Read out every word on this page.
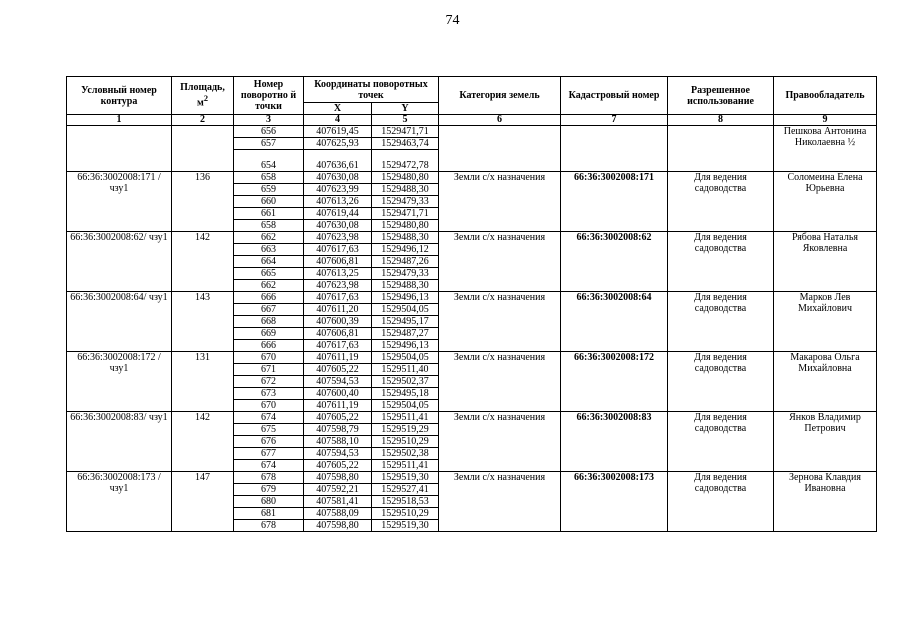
74
Условный номер контура	Площадь, $м^2$	Номер поворотно й точки	Координаты поворотных точек		Категория земель	Кадастровый номер	Разрешенное использование	Правообладатель
			X	Y				
1	2	3	4	5	6	7	8	9
		656	407619,45	1529471,71				Пешкова Антонина Николаевна ½
		657	407625,93	1529463,74				
		654	407636,61	1529472,78				
66:36:3002008:171 /чзу1	136	658	407630,08	1529480,80	Земли с/х назначения	66:36:3002008:171	Для ведения садоводства	Соломеина Елена Юрьевна
		659	407623,99	1529488,30				
		660	407613,26	1529479,33				
		661	407619,44	1529471,71				
		658	407630,08	1529480,80				
66:36:3002008:62/ чзу1	142	662	407623,98	1529488,30	Земли с/х назначения	66:36:3002008:62	Для ведения садоводства	Рябова Наталья Яковлевна
		663	407617,63	1529496,12				
		664	407606,81	1529487,26				
		665	407613,25	1529479,33				
		662	407623,98	1529488,30				
66:36:3002008:64/ чзу1	143	666	407617,63	1529496,13	Земли с/х назначения	66:36:3002008:64	Для ведения садоводства	Марков Лев Михайлович
		667	407611,20	1529504,05				
		668	407600,39	1529495,17				
		669	407606,81	1529487,27				
		666	407617,63	1529496,13				
66:36:3002008:172 /чзу1	131	670	407611,19	1529504,05	Земли с/х назначения	66:36:3002008:172	Для ведения садоводства	Макарова Ольга Михайловна
		671	407605,22	1529511,40				
		672	407594,53	1529502,37				
		673	407600,40	1529495,18				
		670	407611,19	1529504,05				
66:36:3002008:83/ чзу1	142	674	407605,22	1529511,41	Земли с/х назначения	66:36:3002008:83	Для ведения садоводства	Янков Владимир Петрович
		675	407598,79	1529519,29				
		676	407588,10	1529510,29				
		677	407594,53	1529502,38				
		674	407605,22	1529511,41				
66:36:3002008:173 /чзу1	147	678	407598,80	1529519,30	Земли с/х назначения	66:36:3002008:173	Для ведения садоводства	Зернова Клавдия Ивановна
		679	407592,21	1529527,41				
		680	407581,41	1529518,53				
		681	407588,09	1529510,29				
		678	407598,80	1529519,30				
